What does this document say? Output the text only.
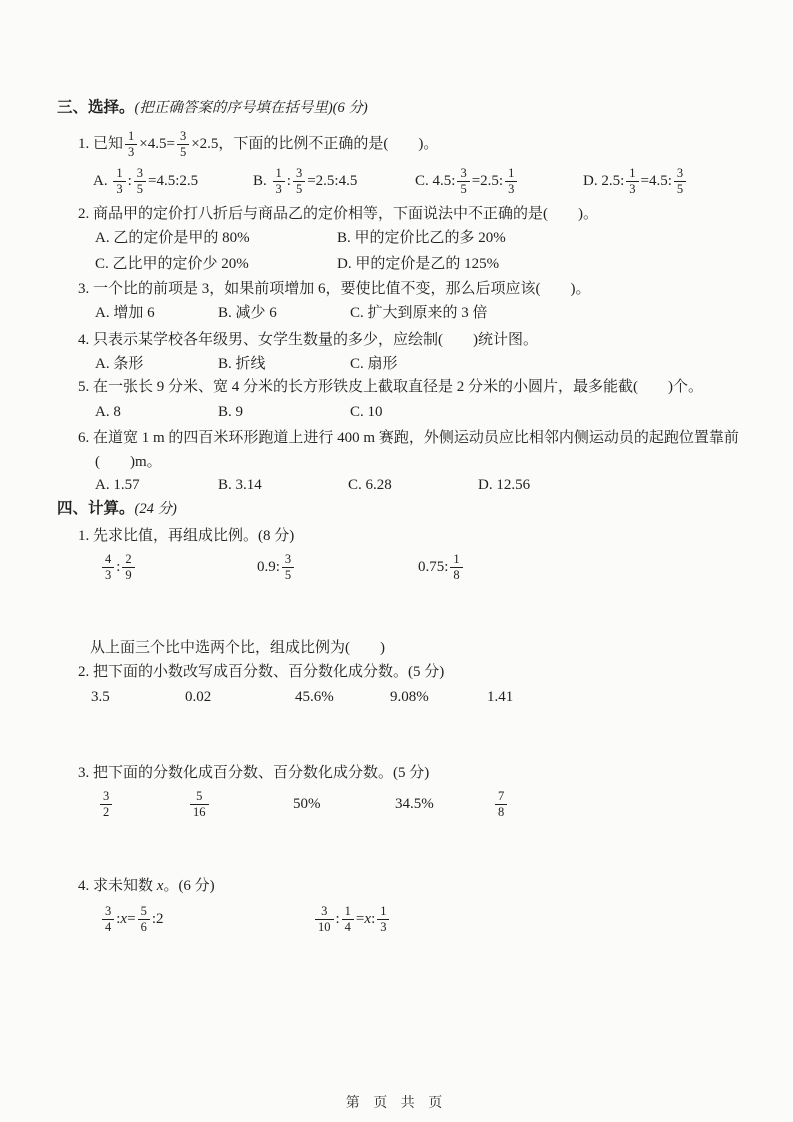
三、选择。(把正确答案的序号填在括号里)(6 分)
1. 已知 $\frac{1}{3} \times 4.5= \frac{3}{5} \times 2.5$，下面的比例不正确的是(　　)。
A. $\frac{1}{3}$ : $\frac{3}{5}$ =4.5:2.5	B. $\frac{1}{3}$ : $\frac{3}{5}$ =2.5:4.5	C. 4.5: $\frac{3}{5} =2.5$: $\frac{1}{3}$	D. 2.5: $\frac{1}{3} =4.5$: $\frac{3}{5}$
2. 商品甲的定价打八折后与商品乙的定价相等，下面说法中不正确的是(　　)。
A. 乙的定价是甲的 80%	B. 甲的定价比乙的多 20%
C. 乙比甲的定价少 20%	D. 甲的定价是乙的 125%
3. 一个比的前项是 3，如果前项增加 6，要使比值不变，那么后项应该(　　)。
A. 增加 6	B. 减少 6	C. 扩大到原来的 3 倍
4. 只表示某学校各年级男、女学生数量的多少，应绘制(　　)统计图。
A. 条形	B. 折线	C. 扇形
5. 在一张长 9 分米、宽 4 分米的长方形铁皮上截取直径是 2 分米的小圆片，最多能截(　　)个。
A. 8	B. 9	C. 10
6. 在道宽 1 m 的四百米环形跑道上进行 400 m 赛跑，外侧运动员应比相邻内侧运动员的起跑位置靠前
(　　)m。
A. 1.57	B. 3.14	C. 6.28	D. 12.56
四、计算。(24 分)
1. 先求比值，再组成比例。(8 分)
$\frac{4}{3}$ : $\frac{2}{9}$	0.9: $\frac{3}{5}$	0.75: $\frac{1}{8}$
从上面三个比中选两个比，组成比例为(　　)
2. 把下面的小数改写成百分数、百分数化成分数。(5 分)
3.5	0.02	45.6%	9.08%	1.41
3. 把下面的分数化成百分数、百分数化成分数。(5 分)
$\frac{3}{2}$	$\frac{5}{16}$	50%	34.5%	$\frac{7}{8}$
4. 求未知数 x。(6 分)
$\frac{3}{4}$ : $x = \frac{5}{6}$ :2	$\frac{3}{10}$ : $\frac{1}{4} = x$ : $\frac{1}{3}$
第 页 共 页
